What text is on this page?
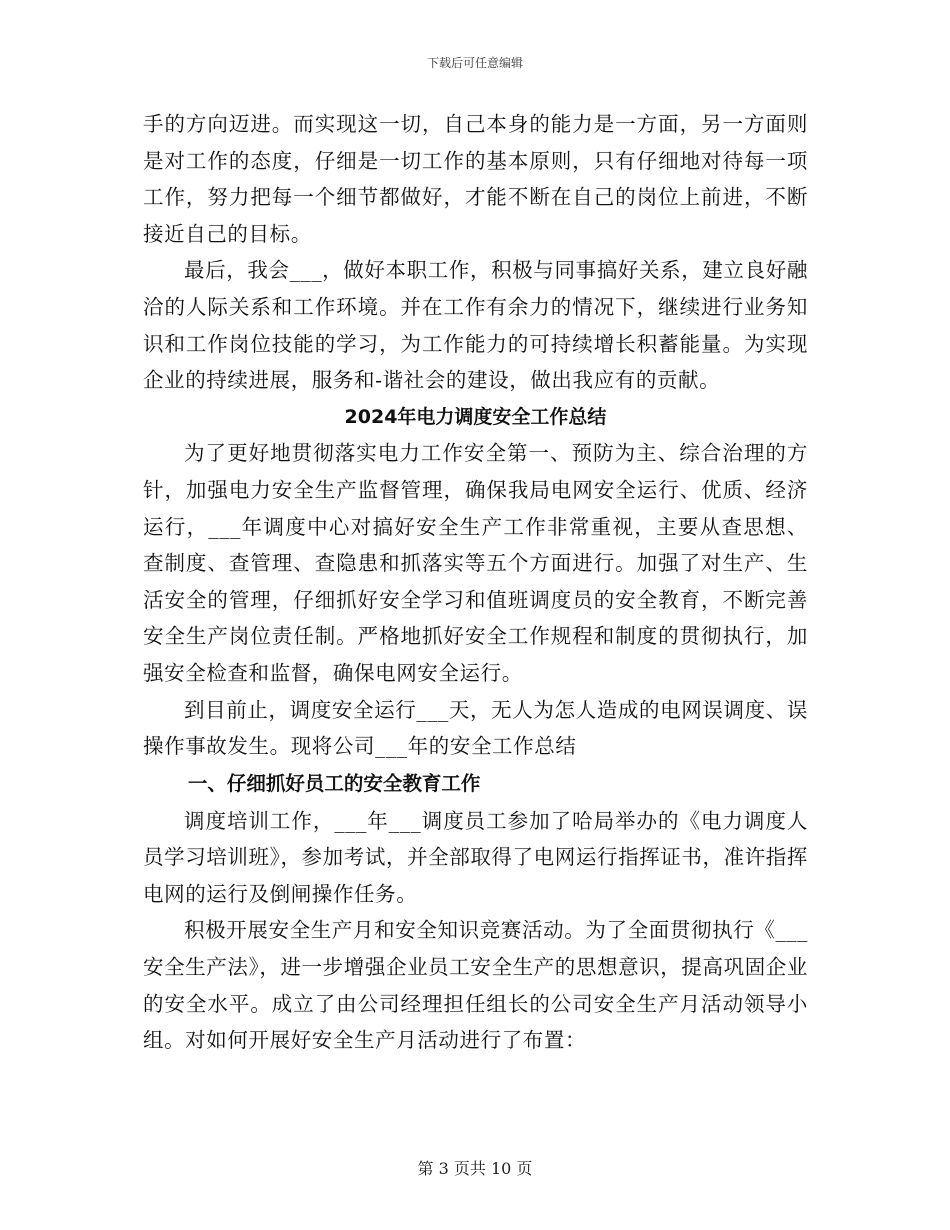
下载后可任意编辑

手的方向迈进。而实现这一切，自己本身的能力是一方面，另一方面则是对工作的态度，仔细是一切工作的基本原则，只有仔细地对待每一项工作，努力把每一个细节都做好，才能不断在自己的岗位上前进，不断接近自己的目标。

最后，我会___，做好本职工作，积极与同事搞好关系，建立良好融洽的人际关系和工作环境。并在工作有余力的情况下，继续进行业务知识和工作岗位技能的学习，为工作能力的可持续增长积蓄能量。为实现企业的持续进展，服务和-谐社会的建设，做出我应有的贡献。

2024年电力调度安全工作总结

为了更好地贯彻落实电力工作安全第一、预防为主、综合治理的方针，加强电力安全生产监督管理，确保我局电网安全运行、优质、经济运行，___年调度中心对搞好安全生产工作非常重视，主要从查思想、查制度、查管理、查隐患和抓落实等五个方面进行。加强了对生产、生活安全的管理，仔细抓好安全学习和值班调度员的安全教育，不断完善安全生产岗位责任制。严格地抓好安全工作规程和制度的贯彻执行，加强安全检查和监督，确保电网安全运行。

到目前止，调度安全运行___天，无人为怎人造成的电网误调度、误操作事故发生。现将公司___年的安全工作总结

一、仔细抓好员工的安全教育工作

调度培训工作，___年___调度员工参加了哈局举办的《电力调度人员学习培训班》，参加考试，并全部取得了电网运行指挥证书，准许指挥电网的运行及倒闸操作任务。

积极开展安全生产月和安全知识竞赛活动。为了全面贯彻执行《___安全生产法》，进一步增强企业员工安全生产的思想意识，提高巩固企业的安全水平。成立了由公司经理担任组长的公司安全生产月活动领导小组。对如何开展好安全生产月活动进行了布置：

第 3 页共 10 页
